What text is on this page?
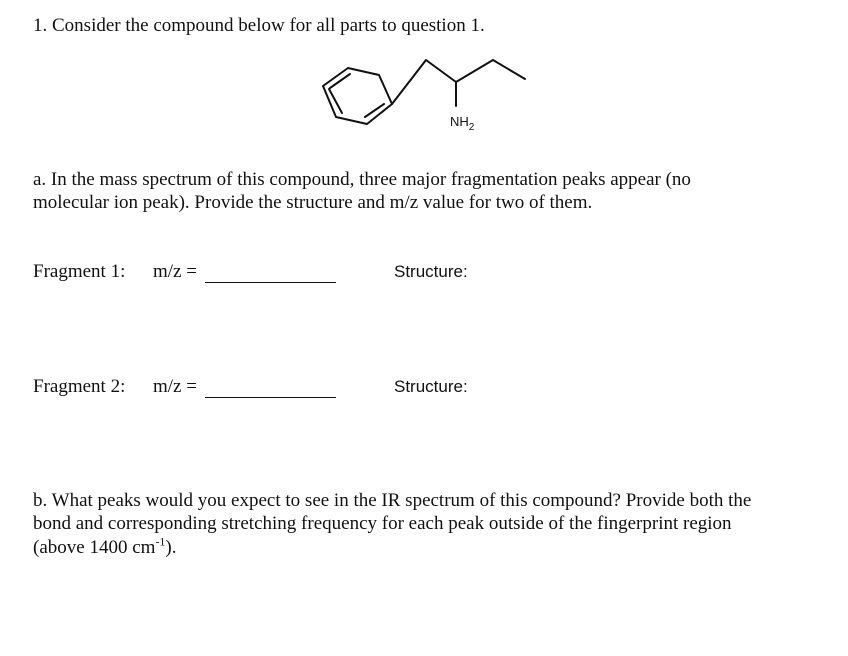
1. Consider the compound below for all parts to question 1.
$NH_2$
a. In the mass spectrum of this compound, three major fragmentation peaks appear (no
molecular ion peak). Provide the structure and m/z value for two of them.
Fragment 1: m/z =	Structure:
Fragment 2: m/z =	Structure:
b. What peaks would you expect to see in the IR spectrum of this compound? Provide both the
bond and corresponding stretching frequency for each peak outside of the fingerprint region
(above 1400 $cm^{-1}$).
